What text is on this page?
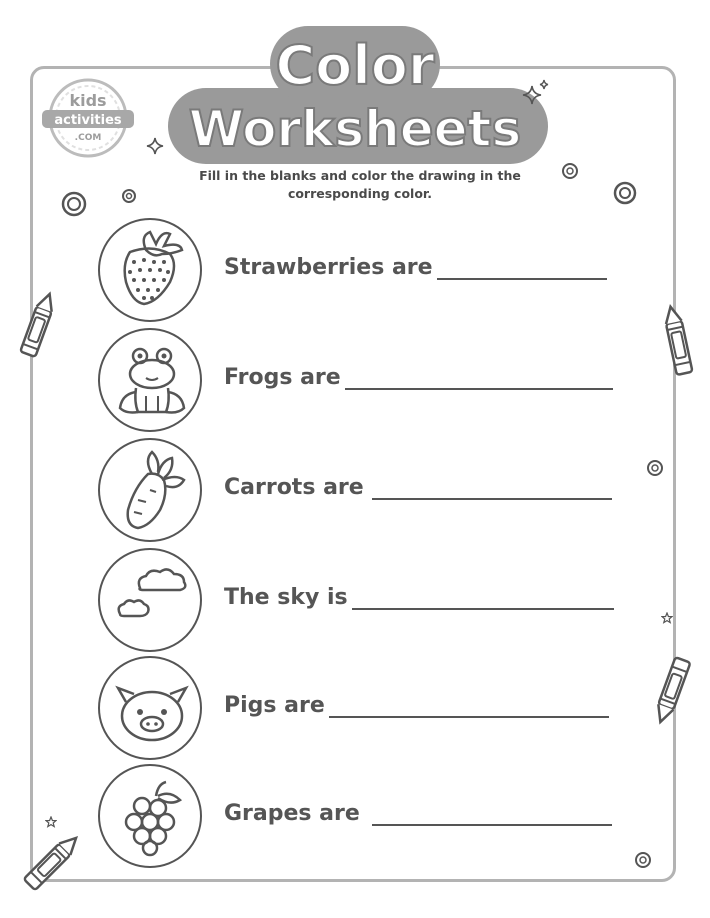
Color
Worksheets
kids
activities
.COM
Fill in the blanks and color the drawing in the corresponding color.
Strawberries are
Frogs are
Carrots are
The sky is
Pigs are
Grapes are
